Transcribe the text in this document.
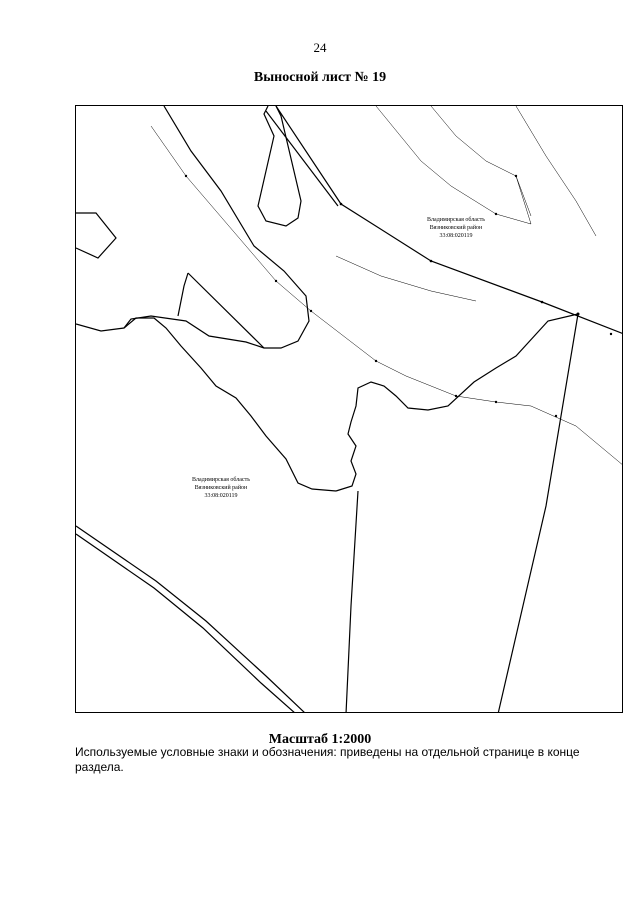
24
Выносной лист № 19
Владимирская область
Вязниковский район
33:08:020119
Владимирская область
Вязниковский район
33:08:020119
Масштаб 1:2000
Используемые условные знаки и обозначения: приведены на отдельной странице в конце раздела.
